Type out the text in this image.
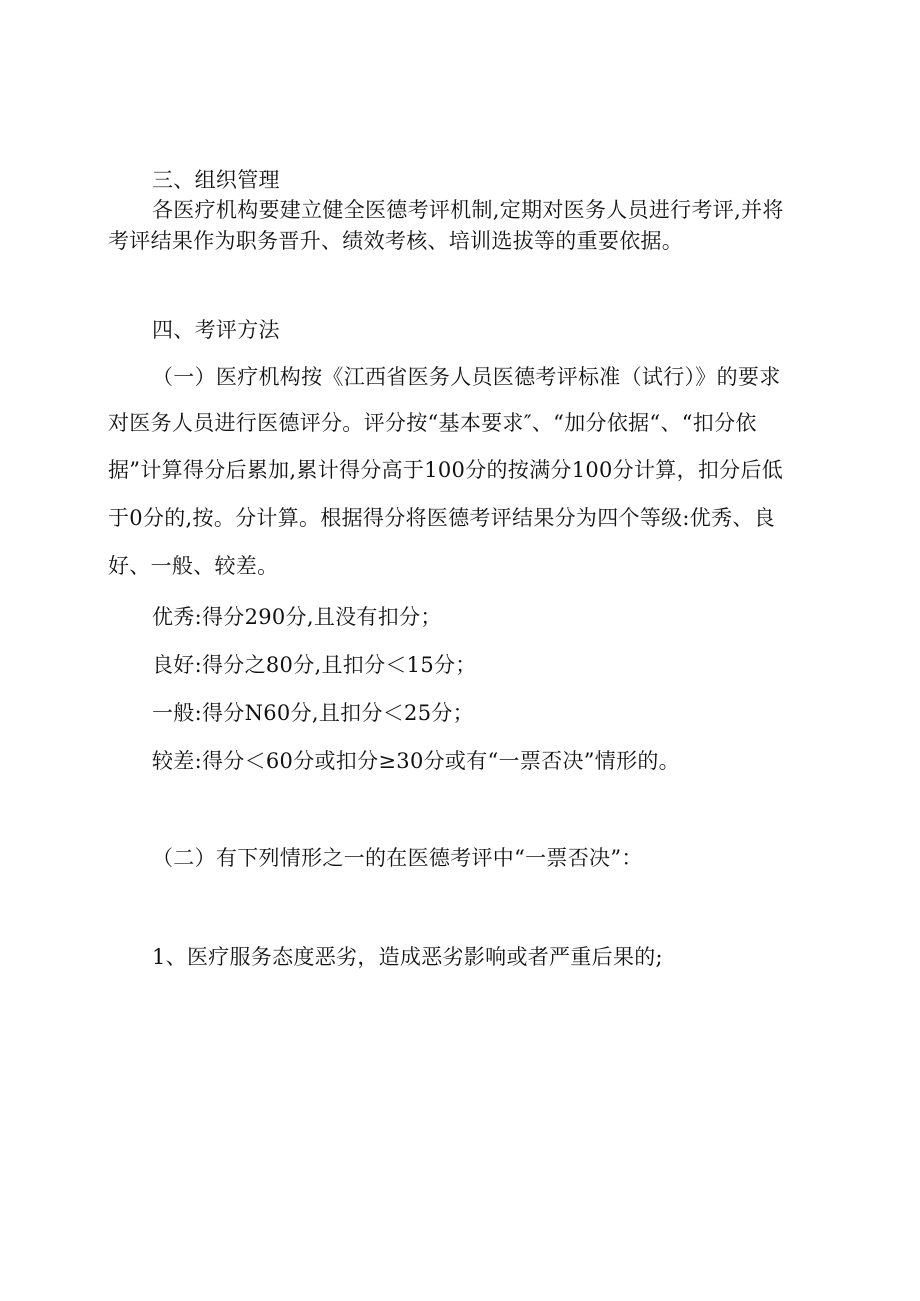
三、组织管理
各医疗机构要建立健全医德考评机制,定期对医务人员进行考评,并将
考评结果作为职务晋升、绩效考核、培训选拔等的重要依据。
四、考评方法
（一）医疗机构按《江西省医务人员医德考评标准（试行）》的要求
对医务人员进行医德评分。评分按“基本要求″、“加分依据“、“扣分依
据”计算得分后累加,累计得分高于100分的按满分100分计算，扣分后低
于0分的,按。分计算。根据得分将医德考评结果分为四个等级:优秀、良
好、一般、较差。
优秀:得分290分,且没有扣分；
良好:得分之80分,且扣分＜15分；
一般:得分N60分,且扣分＜25分；
较差:得分＜60分或扣分≥30分或有“一票否决”情形的。
（二）有下列情形之一的在医德考评中“一票否决”：
1、医疗服务态度恶劣，造成恶劣影响或者严重后果的;
